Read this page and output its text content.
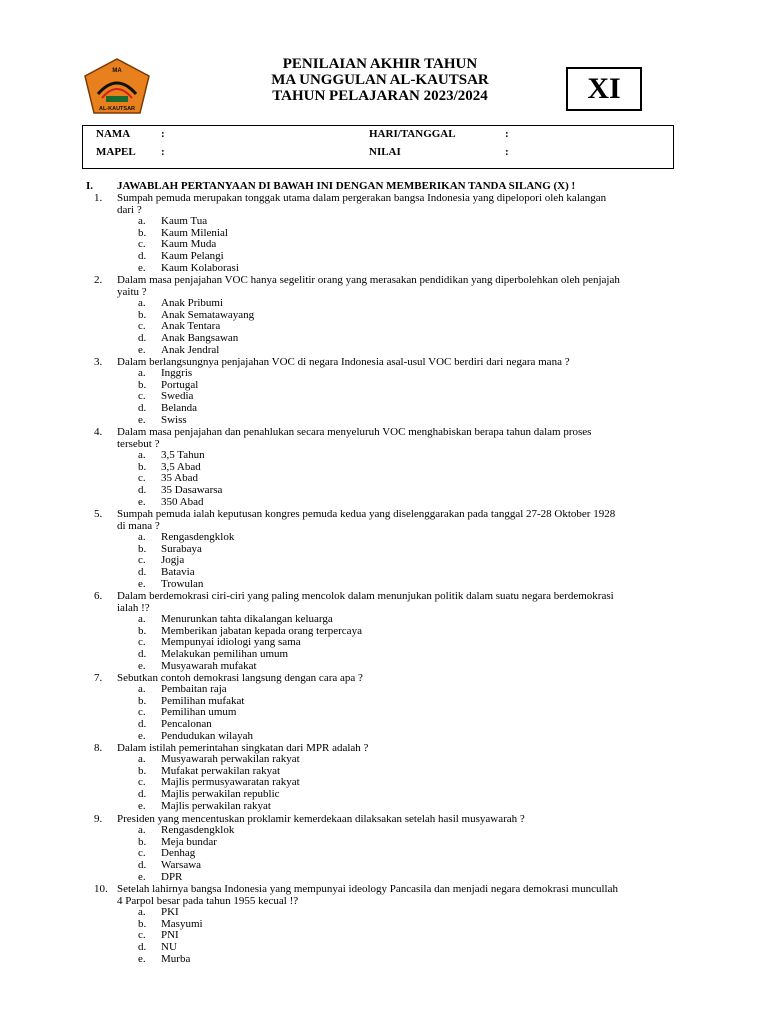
MA
AL-KAUTSAR
PENILAIAN AKHIR TAHUN
MA UNGGULAN AL-KAUTSAR
TAHUN PELAJARAN 2023/2024	XI
NAMA	:
MAPEL :
HARI/TANGGAL	:
NILAI	:
I. JAWABLAH PERTANYAAN DI BAWAH INI DENGAN MEMBERIKAN TANDA SILANG (X) !
1. Sumpah pemuda merupakan tonggak utama dalam pergerakan bangsa Indonesia yang dipelopori oleh kalangan
dari ?
a. Kaum Tua
b. Kaum Milenial
c. Kaum Muda
d. Kaum Pelangi
e. Kaum Kolaborasi
2. Dalam masa penjajahan VOC hanya segelitir orang yang merasakan pendidikan yang diperbolehkan oleh penjajah
yaitu ?
a. Anak Pribumi
b. Anak Sematawayang
c. Anak Tentara
d. Anak Bangsawan
e. Anak Jendral
3. Dalam berlangsungnya penjajahan VOC di negara Indonesia asal-usul VOC berdiri dari negara mana ?
a. Inggris
b. Portugal
c. Swedia
d. Belanda
e. Swiss
4. Dalam masa penjajahan dan penahlukan secara menyeluruh VOC menghabiskan berapa tahun dalam proses
tersebut ?
a. 3,5 Tahun
b. 3,5 Abad
c. 35 Abad
d. 35 Dasawarsa
e. 350 Abad
5. Sumpah pemuda ialah keputusan kongres pemuda kedua yang diselenggarakan pada tanggal 27-28 Oktober 1928
di mana ?
a. Rengasdengklok
b. Surabaya
c. Jogja
d. Batavia
e. Trowulan
6. Dalam berdemokrasi ciri-ciri yang paling mencolok dalam menunjukan politik dalam suatu negara berdemokrasi
ialah !?
a. Menurunkan tahta dikalangan keluarga
b. Memberikan jabatan kepada orang terpercaya
c. Mempunyai idiologi yang sama
d. Melakukan pemilihan umum
e. Musyawarah mufakat
7. Sebutkan contoh demokrasi langsung dengan cara apa ?
a. Pembaitan raja
b. Pemilihan mufakat
c. Pemilihan umum
d. Pencalonan
e. Pendudukan wilayah
8. Dalam istilah pemerintahan singkatan dari MPR adalah ?
a. Musyawarah perwakilan rakyat
b. Mufakat perwakilan rakyat
c. Majlis permusyawaratan rakyat
d. Majlis perwakilan republic
e. Majlis perwakilan rakyat
9. Presiden yang mencentuskan proklamir kemerdekaan dilaksakan setelah hasil musyawarah ?
a. Rengasdengklok
b. Meja bundar
c. Denhag
d. Warsawa
e. DPR
10. Setelah lahirnya bangsa Indonesia yang mempunyai ideology Pancasila dan menjadi negara demokrasi muncullah
4 Parpol besar pada tahun 1955 kecual !?
a. PKI
b. Masyumi
c. PNI
d. NU
e. Murba
